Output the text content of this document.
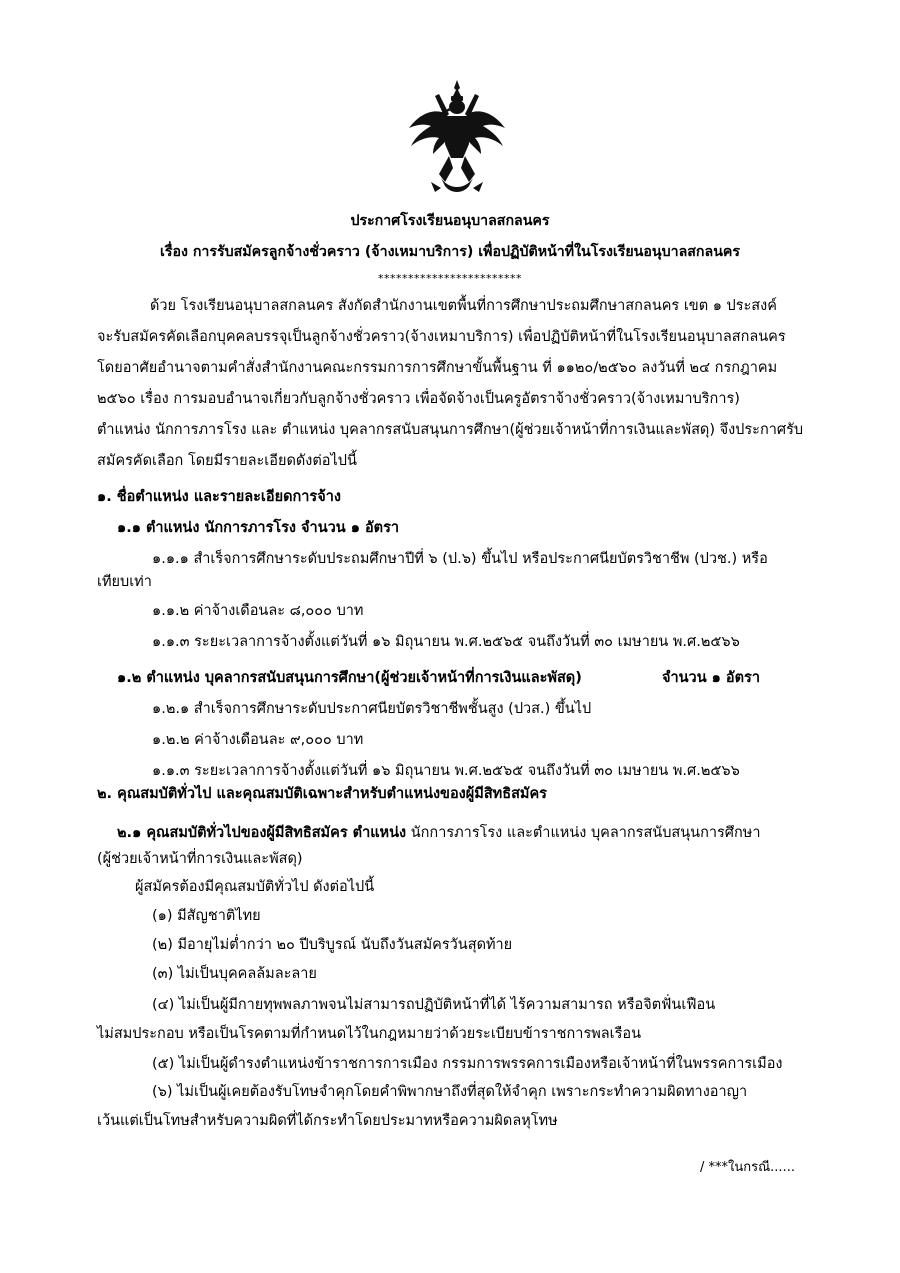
ประกาศโรงเรียนอนุบาลสกลนคร
เรื่อง การรับสมัครลูกจ้างชั่วคราว (จ้างเหมาบริการ) เพื่อปฏิบัติหน้าที่ในโรงเรียนอนุบาลสกลนคร
************************
ด้วย โรงเรียนอนุบาลสกลนคร สังกัดสำนักงานเขตพื้นที่การศึกษาประถมศึกษาสกลนคร เขต ๑ ประสงค์
จะรับสมัครคัดเลือกบุคคลบรรจุเป็นลูกจ้างชั่วคราว(จ้างเหมาบริการ) เพื่อปฏิบัติหน้าที่ในโรงเรียนอนุบาลสกลนคร
โดยอาศัยอำนาจตามคำสั่งสำนักงานคณะกรรมการการศึกษาขั้นพื้นฐาน ที่ ๑๑๒๐/๒๕๖๐ ลงวันที่ ๒๔ กรกฎาคม
๒๕๖๐ เรื่อง การมอบอำนาจเกี่ยวกับลูกจ้างชั่วคราว เพื่อจัดจ้างเป็นครูอัตราจ้างชั่วคราว(จ้างเหมาบริการ)
ตำแหน่ง นักการภารโรง และ ตำแหน่ง บุคลากรสนับสนุนการศึกษา(ผู้ช่วยเจ้าหน้าที่การเงินและพัสดุ) จึงประกาศรับ
สมัครคัดเลือก โดยมีรายละเอียดดังต่อไปนี้
๑. ชื่อตำแหน่ง และรายละเอียดการจ้าง
๑.๑ ตำแหน่ง นักการภารโรง จำนวน ๑ อัตรา
๑.๑.๑ สำเร็จการศึกษาระดับประถมศึกษาปีที่ ๖ (ป.๖) ขึ้นไป หรือประกาศนียบัตรวิชาชีพ (ปวช.) หรือ
เทียบเท่า
๑.๑.๒ ค่าจ้างเดือนละ ๘,๐๐๐ บาท
๑.๑.๓ ระยะเวลาการจ้างตั้งแต่วันที่ ๑๖ มิถุนายน พ.ศ.๒๕๖๕ จนถึงวันที่ ๓๐ เมษายน พ.ศ.๒๕๖๖
๑.๒ ตำแหน่ง บุคลากรสนับสนุนการศึกษา(ผู้ช่วยเจ้าหน้าที่การเงินและพัสดุ)	จำนวน ๑ อัตรา
๑.๒.๑ สำเร็จการศึกษาระดับประกาศนียบัตรวิชาชีพชั้นสูง (ปวส.) ขึ้นไป
๑.๒.๒ ค่าจ้างเดือนละ ๙,๐๐๐ บาท
๑.๑.๓ ระยะเวลาการจ้างตั้งแต่วันที่ ๑๖ มิถุนายน พ.ศ.๒๕๖๕ จนถึงวันที่ ๓๐ เมษายน พ.ศ.๒๕๖๖
๒. คุณสมบัติทั่วไป และคุณสมบัติเฉพาะสำหรับตำแหน่งของผู้มีสิทธิสมัคร
๒.๑ คุณสมบัติทั่วไปของผู้มีสิทธิสมัคร ตำแหน่ง นักการภารโรง และตำแหน่ง บุคลากรสนับสนุนการศึกษา
(ผู้ช่วยเจ้าหน้าที่การเงินและพัสดุ)
ผู้สมัครต้องมีคุณสมบัติทั่วไป ดังต่อไปนี้
(๑) มีสัญชาติไทย
(๒) มีอายุไม่ต่ำกว่า ๒๐ ปีบริบูรณ์ นับถึงวันสมัครวันสุดท้าย
(๓) ไม่เป็นบุคคลล้มละลาย
(๔) ไม่เป็นผู้มีกายทุพพลภาพจนไม่สามารถปฏิบัติหน้าที่ได้ ไร้ความสามารถ หรือจิตฟั่นเฟือน
ไม่สมประกอบ หรือเป็นโรคตามที่กำหนดไว้ในกฎหมายว่าด้วยระเบียบข้าราชการพลเรือน
(๕) ไม่เป็นผู้ดำรงตำแหน่งข้าราชการการเมือง กรรมการพรรคการเมืองหรือเจ้าหน้าที่ในพรรคการเมือง
(๖) ไม่เป็นผู้เคยต้องรับโทษจำคุกโดยคำพิพากษาถึงที่สุดให้จำคุก เพราะกระทำความผิดทางอาญา
เว้นแต่เป็นโทษสำหรับความผิดที่ได้กระทำโดยประมาทหรือความผิดลหุโทษ
/ ***ในกรณี......
